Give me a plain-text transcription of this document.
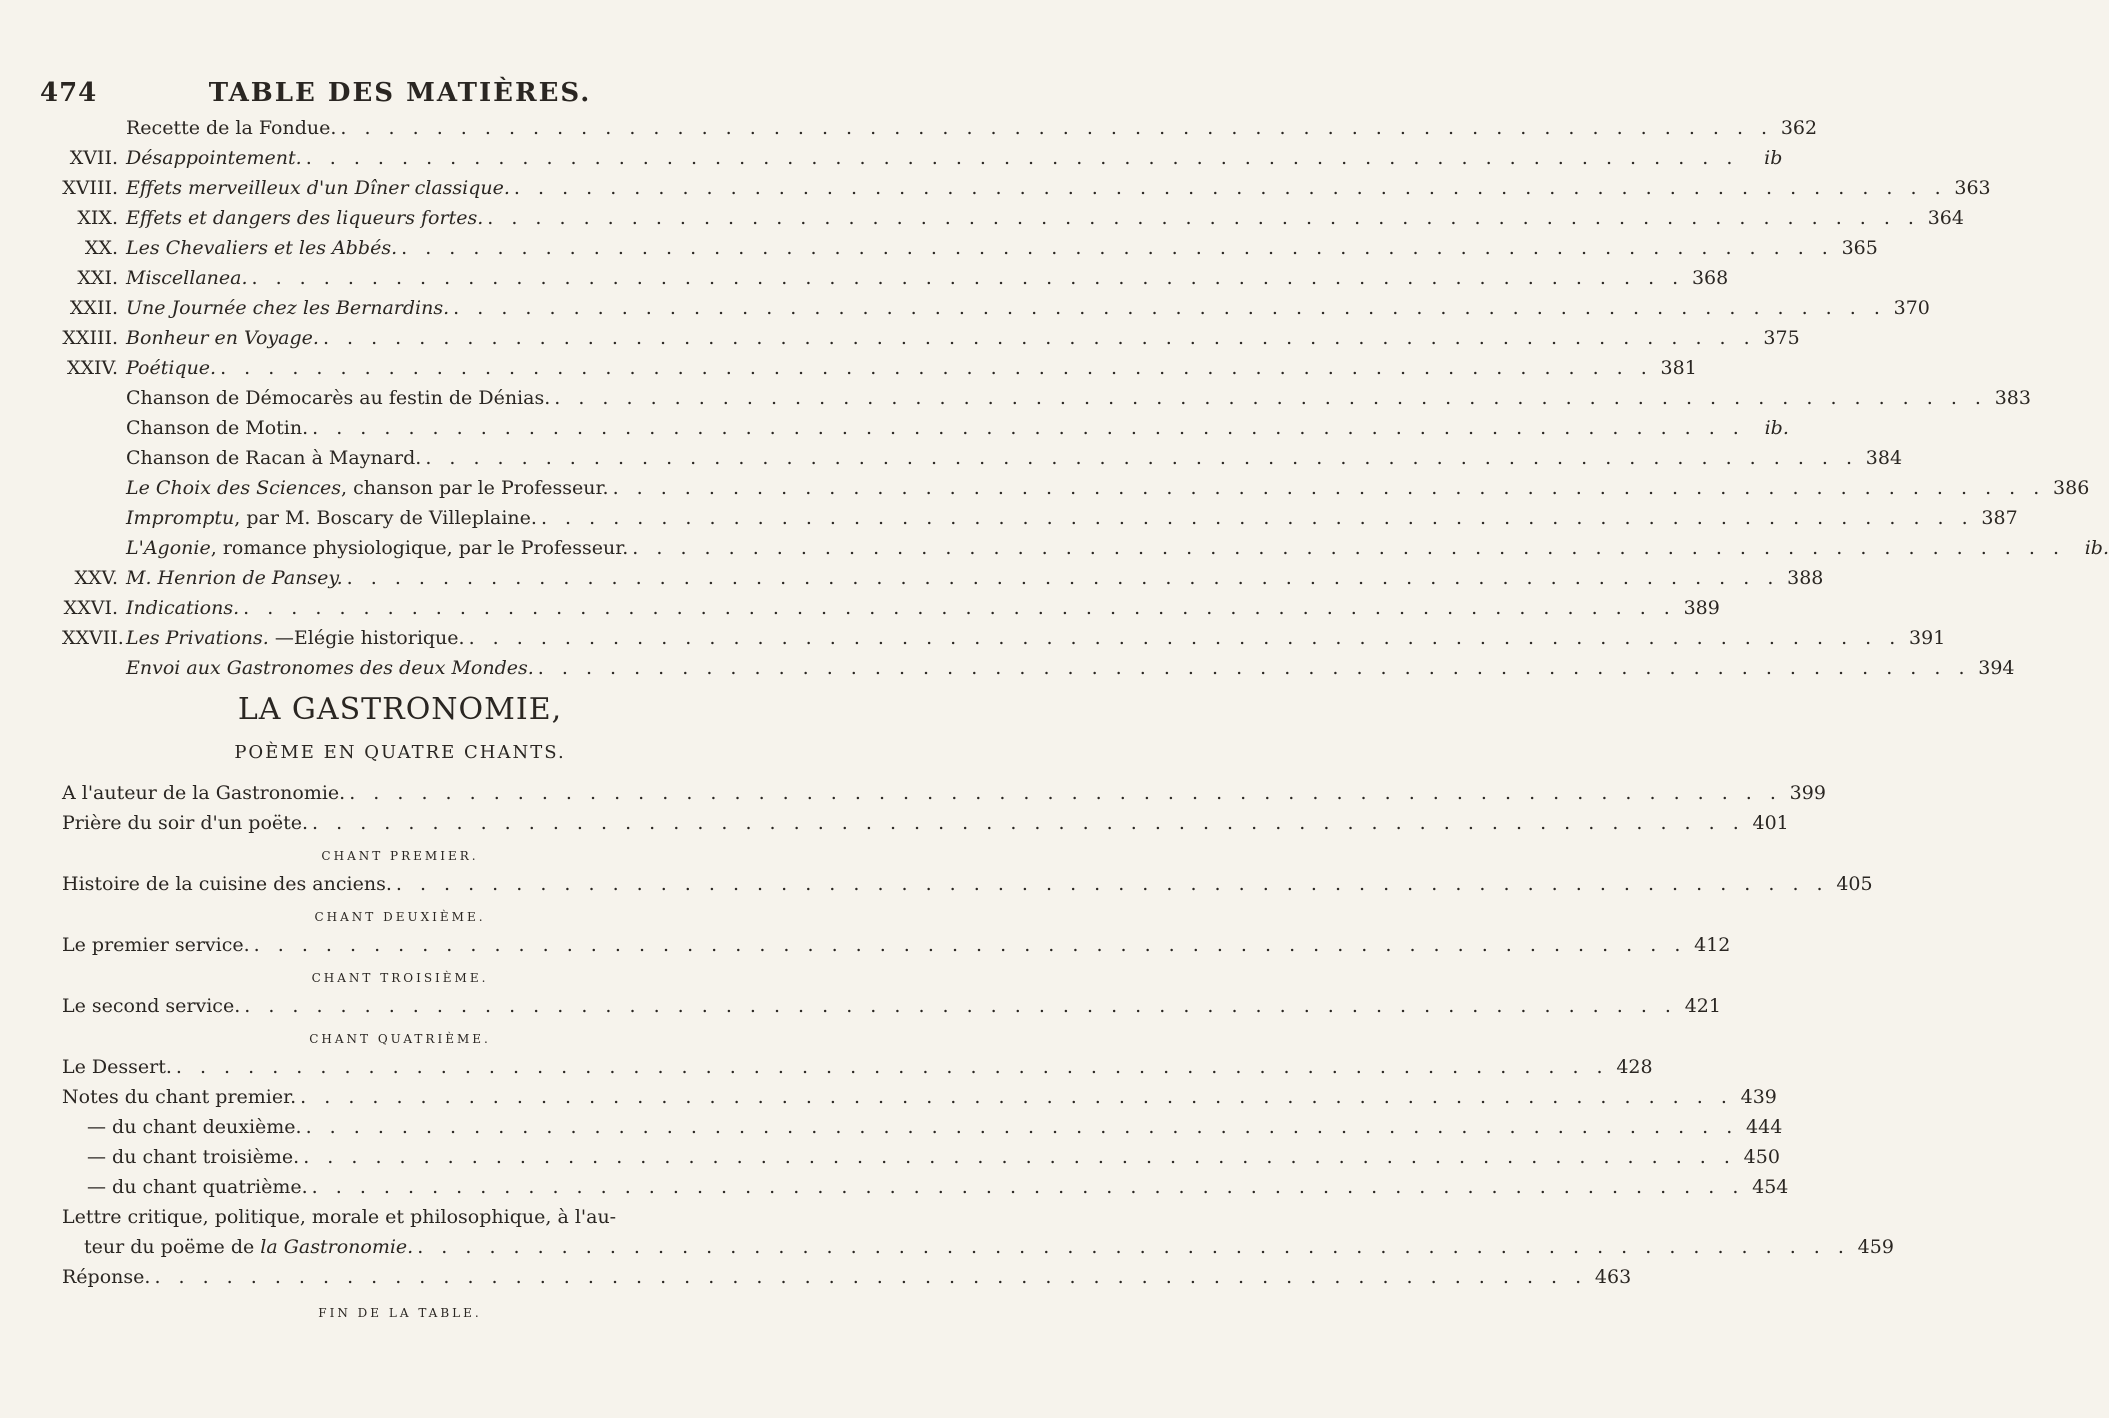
474	TABLE DES MATIÈRES.
Recette de la Fondue. . . .	362
XVII. Désappointement. . . .	ib
XVIII. Effets merveilleux d'un Dîner classique. . . .	363
XIX. Effets et dangers des liqueurs fortes. . . .	364
XX. Les Chevaliers et les Abbés. . . .	365
XXI. Miscellanea. . . .	368
XXII. Une Journée chez les Bernardins. . . .	370
XXIII. Bonheur en Voyage. . . .	375
XXIV. Poétique. . . .	381
Chanson de Démocarès au festin de Dénias. . . .	383
Chanson de Motin. . . .	ib.
Chanson de Racan à Maynard. . . .	384
Le Choix des Sciences, chanson par le Professeur. . . .	386
Impromptu, par M. Boscary de Villeplaine. . . .	387
L'Agonie, romance physiologique, par le Professeur. . . .	ib.
XXV. M. Henrion de Pansey. . . .	388
XXVI. Indications. . . .	389
XXVII. Les Privations. —Elégie historique. . . .	391
Envoi aux Gastronomes des deux Mondes. . . .	394
LA GASTRONOMIE,
POÈME EN QUATRE CHANTS.
A l'auteur de la Gastronomie. . . .	399
Prière du soir d'un poëte. . . .	401
CHANT PREMIER.
Histoire de la cuisine des anciens. . . .	405
CHANT DEUXIÈME.
Le premier service. . . .	412
CHANT TROISIÈME.
Le second service. . . .	421
CHANT QUATRIÈME.
Le Dessert. . . .	428
Notes du chant premier. . . .	439
— du chant deuxième. . . .	444
— du chant troisième. . . .	450
— du chant quatrième. . . .	454
Lettre critique, politique, morale et philosophique, à l'au-
teur du poëme de la Gastronomie. . . .	459
Réponse. . . .	463
FIN DE LA TABLE.
